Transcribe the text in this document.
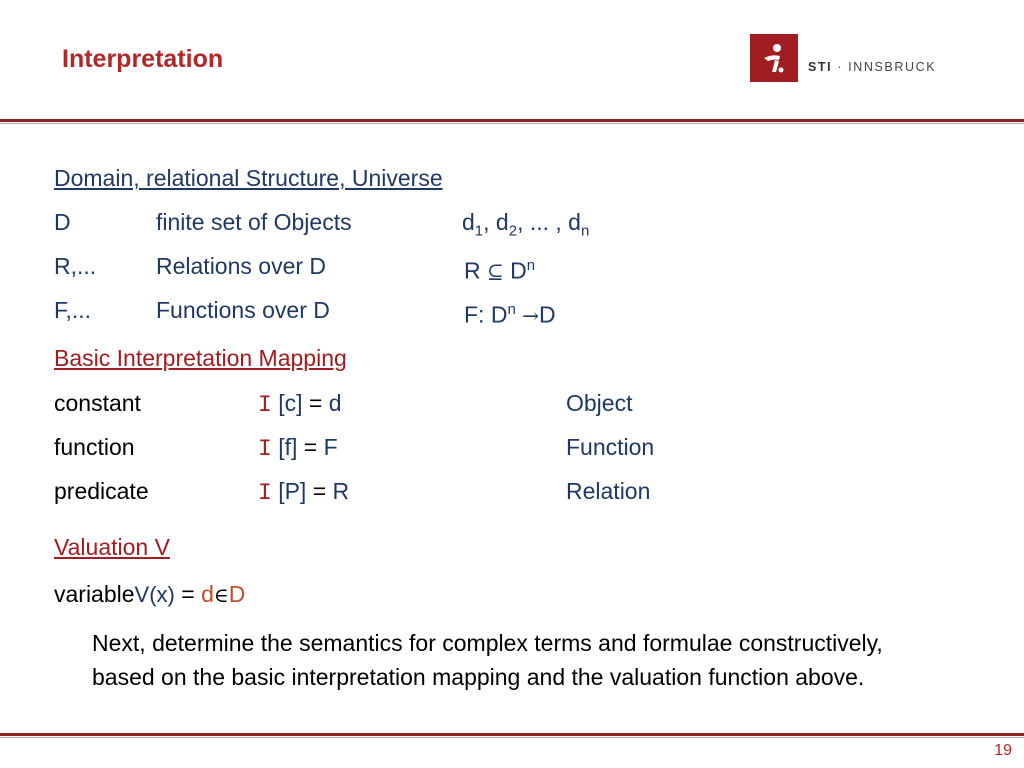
Interpretation	STI · INNSBRUCK
Domain, relational Structure, Universe
D	finite set of Objects	$d_1$, $d_2$, ... , $d_n$
R,...	Relations over D	R ⊆ $D^n$
F,...	Functions over D	F: $D^n \to D$
Basic Interpretation Mapping
constant	I [c] = d	Object
function	I [f] = F	Function
predicate	I [P] = R	Relation
Valuation V
variableV(x) = d∈D
Next, determine the semantics for complex terms and formulae constructively, based on the basic interpretation mapping and the valuation function above.
19
